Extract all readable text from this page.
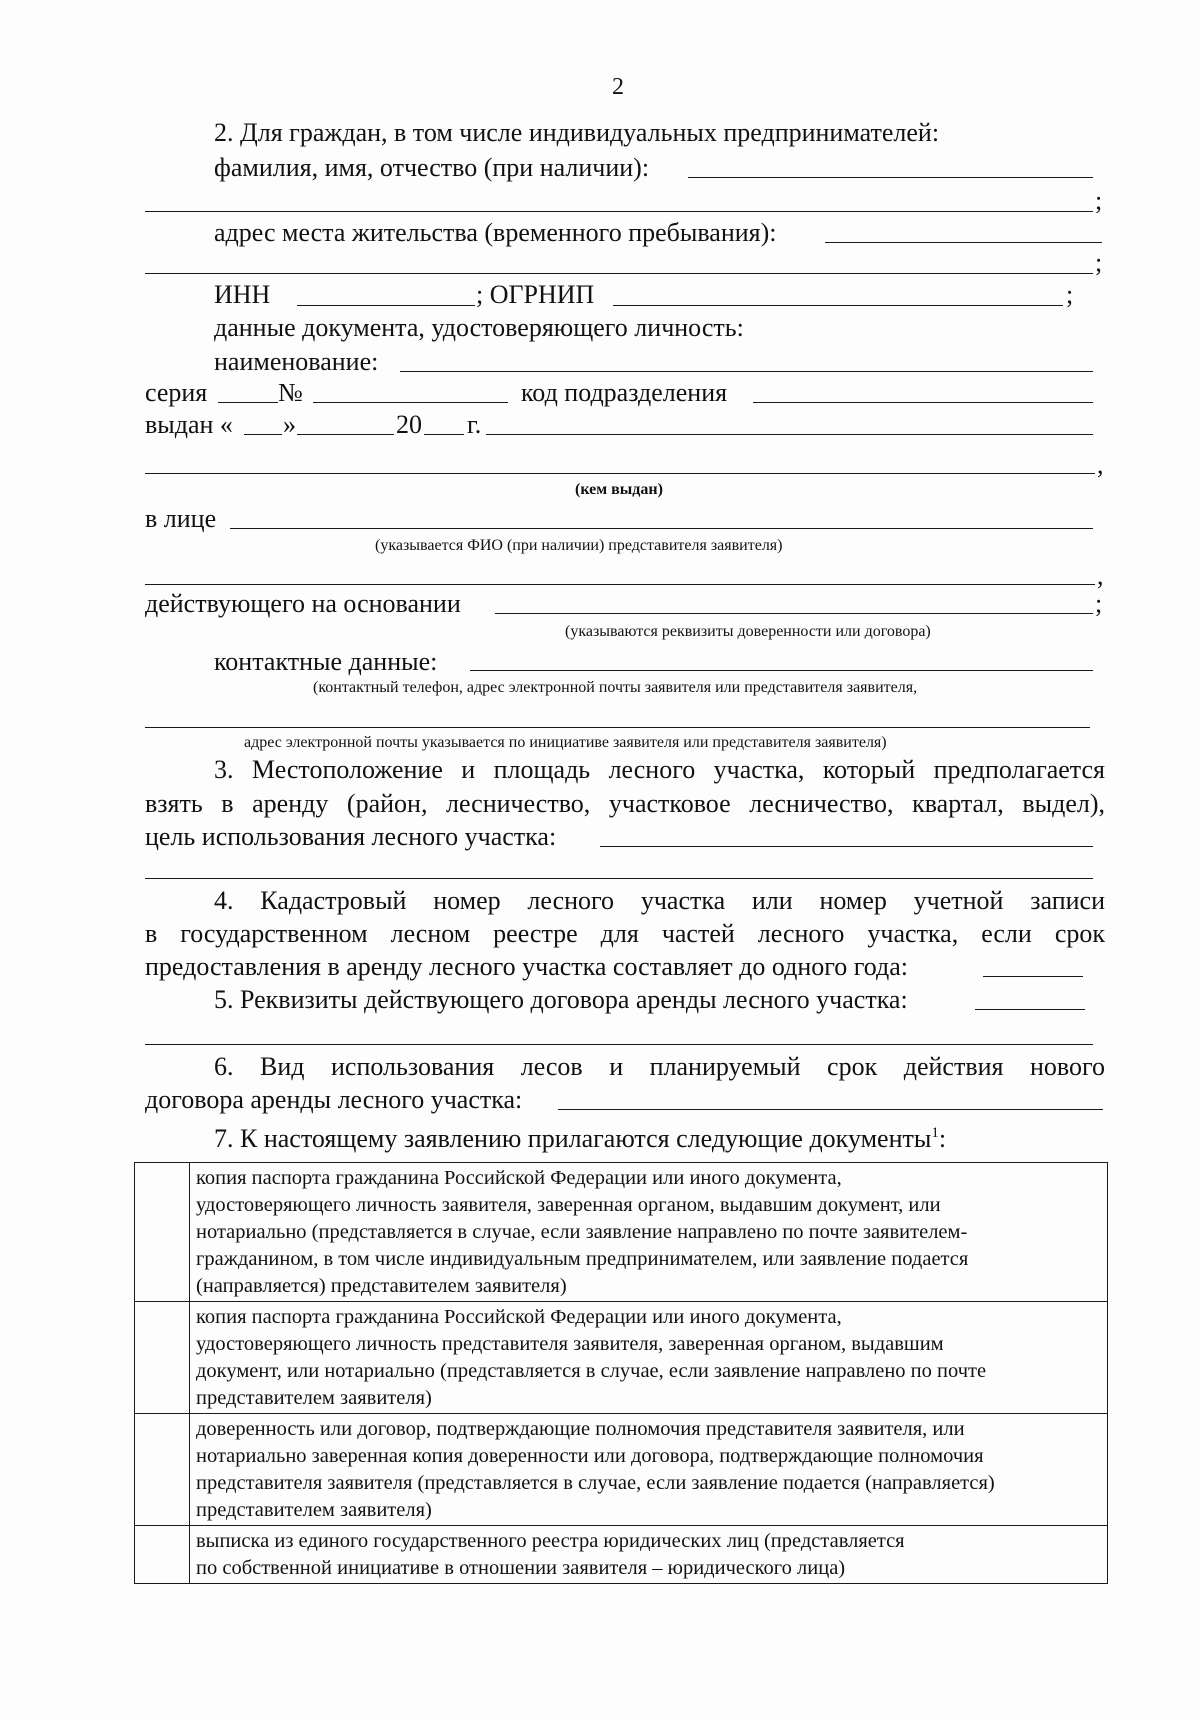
2
2. Для граждан, в том числе индивидуальных предпринимателей:
фамилия, имя, отчество (при наличии):
;
адрес места жительства (временного пребывания):
;
ИНН	; ОГРНИП	;
данные документа, удостоверяющего личность:
наименование:
серия	№	код подразделения
выдан « »	20 г.
,
(кем выдан)
в лице
(указывается ФИО (при наличии) представителя заявителя)
,
действующего на основании	;
(указываются реквизиты доверенности или договора)
контактные данные:
(контактный телефон, адрес электронной почты заявителя или представителя заявителя,
адрес электронной почты указывается по инициативе заявителя или представителя заявителя)
3. Местоположение и площадь лесного участка, который предполагается
взять в аренду (район, лесничество, участковое лесничество, квартал, выдел),
цель использования лесного участка:
4. Кадастровый номер лесного участка или номер учетной записи
в государственном лесном реестре для частей лесного участка, если срок
предоставления в аренду лесного участка составляет до одного года:
5. Реквизиты действующего договора аренды лесного участка:
6. Вид использования лесов и планируемый срок действия нового
договора аренды лесного участка:
7. К настоящему заявлению прилагаются следующие документы$^1$:

	копия паспорта гражданина Российской Федерации или иного документа,
удостоверяющего личность заявителя, заверенная органом, выдавшим документ, или
нотариально (представляется в случае, если заявление направлено по почте заявителем-
гражданином, в том числе индивидуальным предпринимателем, или заявление подается
(направляется) представителем заявителя)

	копия паспорта гражданина Российской Федерации или иного документа,
удостоверяющего личность представителя заявителя, заверенная органом, выдавшим
документ, или нотариально (представляется в случае, если заявление направлено по почте
представителем заявителя)

	доверенность или договор, подтверждающие полномочия представителя заявителя, или
нотариально заверенная копия доверенности или договора, подтверждающие полномочия
представителя заявителя (представляется в случае, если заявление подается (направляется)
представителем заявителя)

	выписка из единого государственного реестра юридических лиц (представляется
по собственной инициативе в отношении заявителя – юридического лица)
